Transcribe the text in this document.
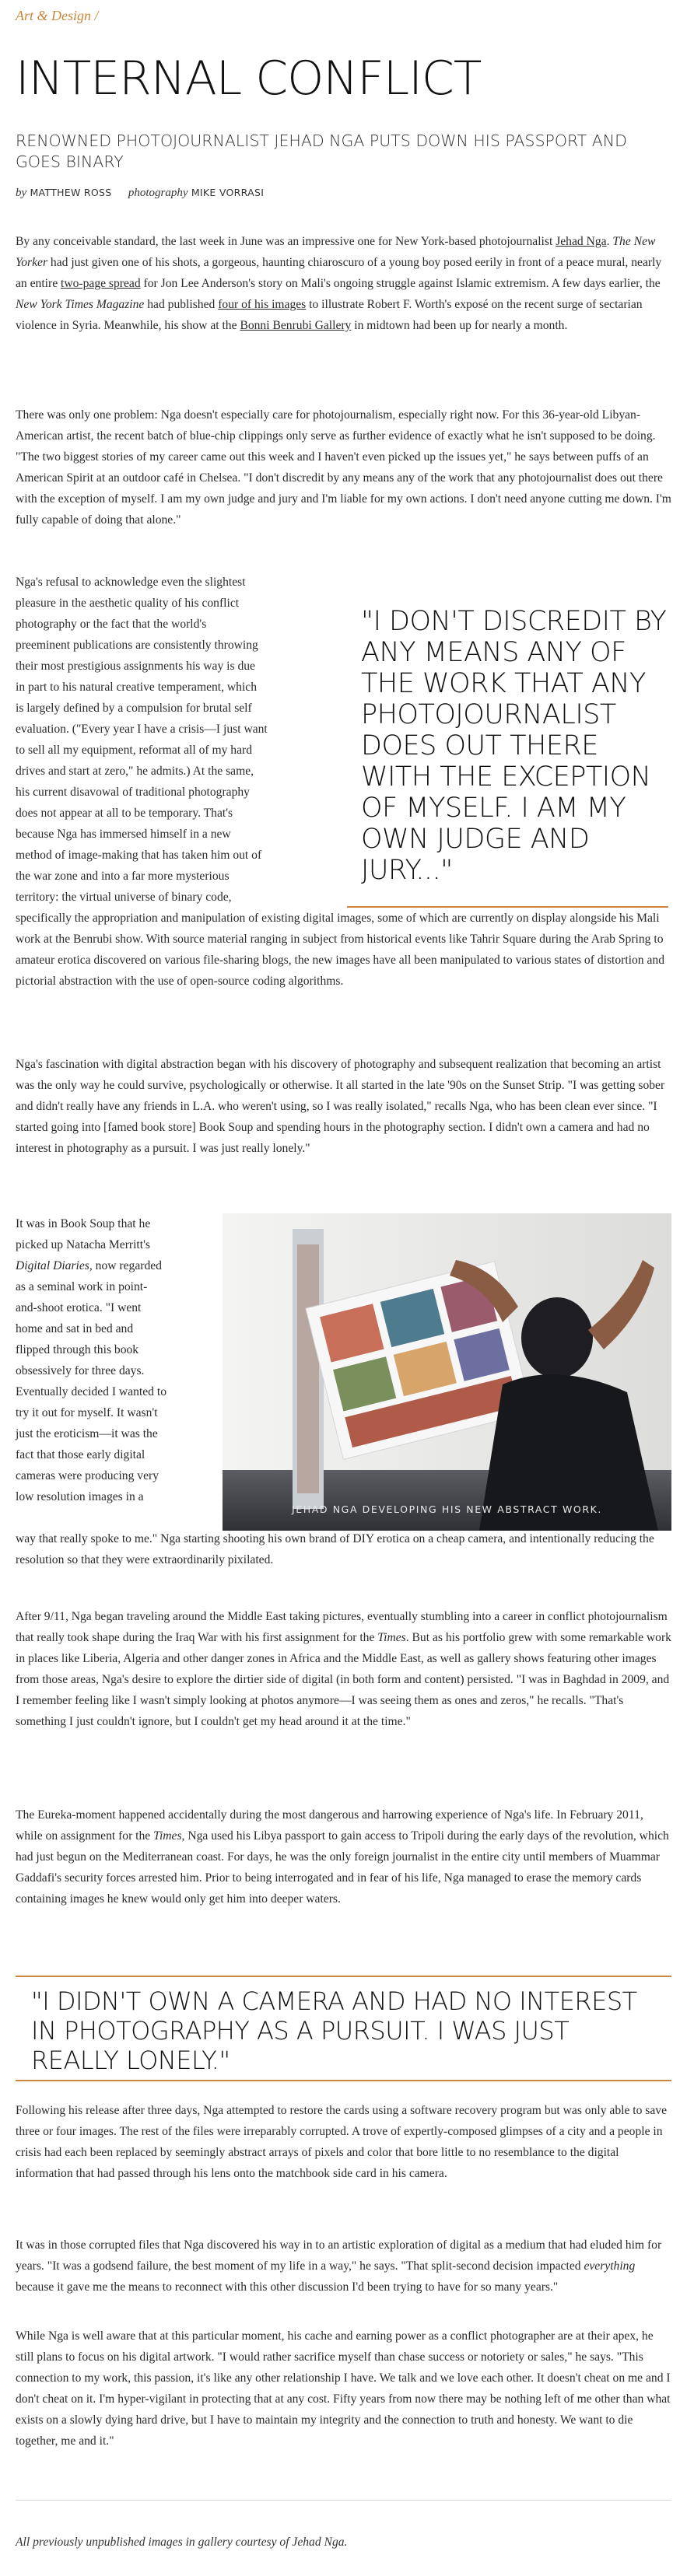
Art & Design /
INTERNAL CONFLICT
RENOWNED PHOTOJOURNALIST JEHAD NGA PUTS DOWN HIS PASSPORT AND GOES BINARY
by MATTHEW ROSS photography MIKE VORRASI

By any conceivable standard, the last week in June was an impressive one for New York-based photojournalist Jehad Nga. The New Yorker had just given one of his shots, a gorgeous, haunting chiaroscuro of a young boy posed eerily in front of a peace mural, nearly an entire two-page spread for Jon Lee Anderson's story on Mali's ongoing struggle against Islamic extremism. A few days earlier, the New York Times Magazine had published four of his images to illustrate Robert F. Worth's exposé on the recent surge of sectarian violence in Syria. Meanwhile, his show at the Bonni Benrubi Gallery in midtown had been up for nearly a month.

There was only one problem: Nga doesn't especially care for photojournalism, especially right now. For this 36-year-old Libyan-American artist, the recent batch of blue-chip clippings only serve as further evidence of exactly what he isn't supposed to be doing. "The two biggest stories of my career came out this week and I haven't even picked up the issues yet," he says between puffs of an American Spirit at an outdoor café in Chelsea. "I don't discredit by any means any of the work that any photojournalist does out there with the exception of myself. I am my own judge and jury and I'm liable for my own actions. I don't need anyone cutting me down. I'm fully capable of doing that alone."

Nga's refusal to acknowledge even the slightest
pleasure in the aesthetic quality of his conflict
photography or the fact that the world's
preeminent publications are consistently throwing
their most prestigious assignments his way is due
in part to his natural creative temperament, which
is largely defined by a compulsion for brutal self
evaluation. ("Every year I have a crisis—I just want
to sell all my equipment, reformat all of my hard
drives and start at zero," he admits.) At the same,
his current disavowal of traditional photography
does not appear at all to be temporary. That's
because Nga has immersed himself in a new
method of image-making that has taken him out of
the war zone and into a far more mysterious
territory: the virtual universe of binary code,

specifically the appropriation and manipulation of existing digital images, some of which are currently on display alongside his Mali work at the Benrubi show. With source material ranging in subject from historical events like Tahrir Square during the Arab Spring to amateur erotica discovered on various file-sharing blogs, the new images have all been manipulated to various states of distortion and pictorial abstraction with the use of open-source coding algorithms.

"I DON'T DISCREDIT BY ANY MEANS ANY OF THE WORK THAT ANY PHOTOJOURNALIST DOES OUT THERE WITH THE EXCEPTION OF MYSELF. I AM MY OWN JUDGE AND JURY..."

Nga's fascination with digital abstraction began with his discovery of photography and subsequent realization that becoming an artist was the only way he could survive, psychologically or otherwise. It all started in the late '90s on the Sunset Strip. "I was getting sober and didn't really have any friends in L.A. who weren't using, so I was really isolated," recalls Nga, who has been clean ever since. "I started going into [famed book store] Book Soup and spending hours in the photography section. I didn't own a camera and had no interest in photography as a pursuit. I was just really lonely."

It was in Book Soup that he
picked up Natacha Merritt's
Digital Diaries, now regarded
as a seminal work in point-
and-shoot erotica. "I went
home and sat in bed and
flipped through this book
obsessively for three days.
Eventually decided I wanted to
try it out for myself. It wasn't
just the eroticism—it was the
fact that those early digital
cameras were producing very
low resolution images in a

way that really spoke to me." Nga starting shooting his own brand of DIY erotica on a cheap camera, and intentionally reducing the resolution so that they were extraordinarily pixilated.

JEHAD NGA DEVELOPING HIS NEW ABSTRACT WORK.

After 9/11, Nga began traveling around the Middle East taking pictures, eventually stumbling into a career in conflict photojournalism that really took shape during the Iraq War with his first assignment for the Times. But as his portfolio grew with some remarkable work in places like Liberia, Algeria and other danger zones in Africa and the Middle East, as well as gallery shows featuring other images from those areas, Nga's desire to explore the dirtier side of digital (in both form and content) persisted. "I was in Baghdad in 2009, and I remember feeling like I wasn't simply looking at photos anymore—I was seeing them as ones and zeros," he recalls. "That's something I just couldn't ignore, but I couldn't get my head around it at the time."

The Eureka-moment happened accidentally during the most dangerous and harrowing experience of Nga's life. In February 2011, while on assignment for the Times, Nga used his Libya passport to gain access to Tripoli during the early days of the revolution, which had just begun on the Mediterranean coast. For days, he was the only foreign journalist in the entire city until members of Muammar Gaddafi's security forces arrested him. Prior to being interrogated and in fear of his life, Nga managed to erase the memory cards containing images he knew would only get him into deeper waters.

"I DIDN'T OWN A CAMERA AND HAD NO INTEREST IN PHOTOGRAPHY AS A PURSUIT. I WAS JUST REALLY LONELY."

Following his release after three days, Nga attempted to restore the cards using a software recovery program but was only able to save three or four images. The rest of the files were irreparably corrupted. A trove of expertly-composed glimpses of a city and a people in crisis had each been replaced by seemingly abstract arrays of pixels and color that bore little to no resemblance to the digital information that had passed through his lens onto the matchbook side card in his camera.

It was in those corrupted files that Nga discovered his way in to an artistic exploration of digital as a medium that had eluded him for years. "It was a godsend failure, the best moment of my life in a way," he says. "That split-second decision impacted everything because it gave me the means to reconnect with this other discussion I'd been trying to have for so many years."

While Nga is well aware that at this particular moment, his cache and earning power as a conflict photographer are at their apex, he still plans to focus on his digital artwork. "I would rather sacrifice myself than chase success or notoriety or sales," he says. "This connection to my work, this passion, it's like any other relationship I have. We talk and we love each other. It doesn't cheat on me and I don't cheat on it. I'm hyper-vigilant in protecting that at any cost. Fifty years from now there may be nothing left of me other than what exists on a slowly dying hard drive, but I have to maintain my integrity and the connection to truth and honesty. We want to die together, me and it."

All previously unpublished images in gallery courtesy of Jehad Nga.
